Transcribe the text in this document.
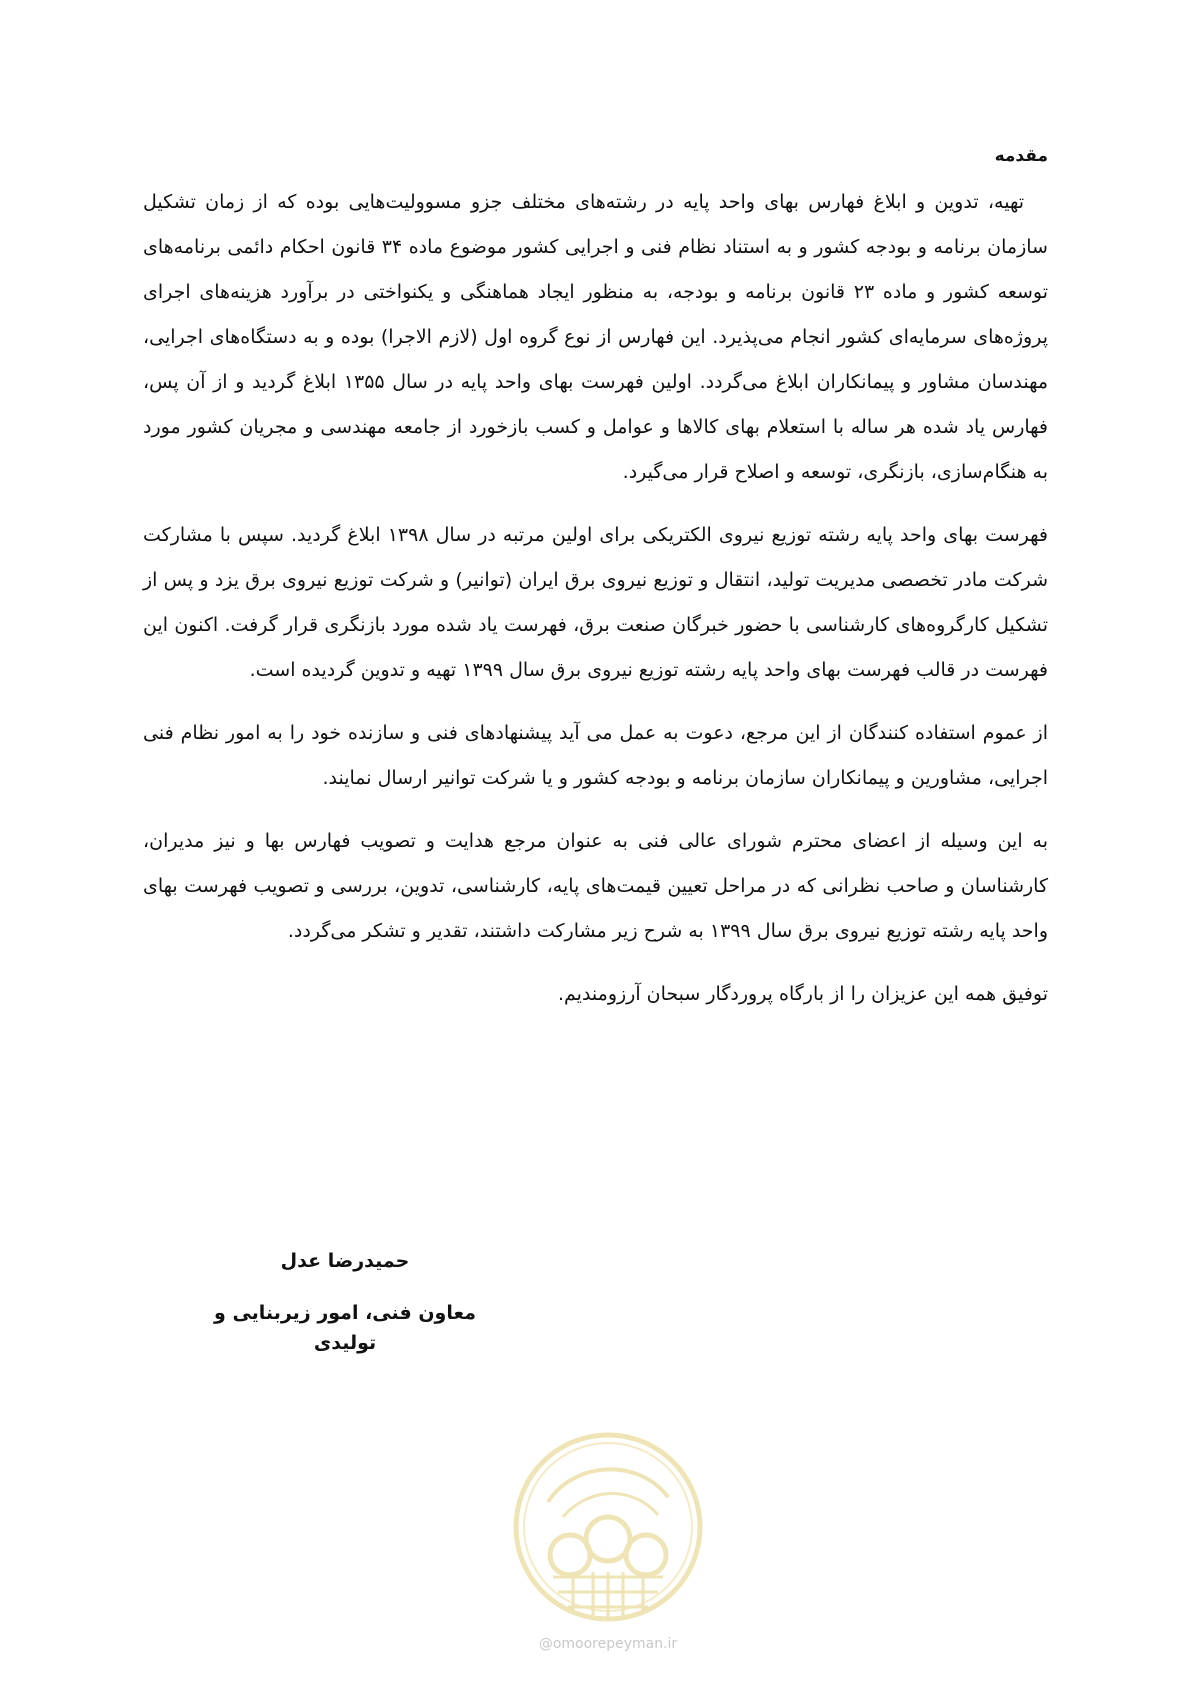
مقدمه

تهیه، تدوین و ابلاغ فهارس بهای واحد پایه در رشته‌های مختلف جزو مسوولیت‌هایی بوده که از زمان تشکیل سازمان برنامه و بودجه کشور و به استناد نظام فنی و اجرایی کشور موضوع ماده ۳۴ قانون احکام دائمی برنامه‌های توسعه کشور و ماده ۲۳ قانون برنامه و بودجه، به منظور ایجاد هماهنگی و یکنواختی در برآورد هزینه‌های اجرای پروژه‌های سرمایه‌ای کشور انجام می‌پذیرد. این فهارس از نوع گروه اول (لازم الاجرا) بوده و به دستگاه‌های اجرایی، مهندسان مشاور و پیمانکاران ابلاغ می‌گردد. اولین فهرست بهای واحد پایه در سال ۱۳۵۵ ابلاغ گردید و از آن پس، فهارس یاد شده هر ساله با استعلام بهای کالاها و عوامل و کسب بازخورد از جامعه مهندسی و مجریان کشور مورد به هنگام‌سازی، بازنگری، توسعه و اصلاح قرار می‌گیرد.

فهرست بهای واحد پایه رشته توزیع نیروی الکتریکی برای اولین مرتبه در سال ۱۳۹۸ ابلاغ گردید. سپس با مشارکت شرکت مادر تخصصی مدیریت تولید، انتقال و توزیع نیروی برق ایران (توانیر) و شرکت توزیع نیروی برق یزد و پس از تشکیل کارگروه‌های کارشناسی با حضور خبرگان صنعت برق، فهرست یاد شده مورد بازنگری قرار گرفت. اکنون این فهرست در قالب فهرست بهای واحد پایه رشته توزیع نیروی برق سال ۱۳۹۹ تهیه و تدوین گردیده است.

از عموم استفاده کنندگان از این مرجع، دعوت به عمل می آید پیشنهادهای فنی و سازنده خود را به امور نظام فنی اجرایی، مشاورین و پیمانکاران سازمان برنامه و بودجه کشور و یا شرکت توانیر ارسال نمایند.

به این وسیله از اعضای محترم شورای عالی فنی به عنوان مرجع هدایت و تصویب فهارس بها و نیز مدیران، کارشناسان و صاحب نظرانی که در مراحل تعیین قیمت‌های پایه، کارشناسی، تدوین، بررسی و تصویب فهرست بهای واحد پایه رشته توزیع نیروی برق سال ۱۳۹۹ به شرح زیر مشارکت داشتند، تقدیر و تشکر می‌گردد.

توفیق همه این عزیزان را از بارگاه پروردگار سبحان آرزومندیم.

حمیدرضا عدل
معاون فنی، امور زیربنایی و تولیدی
@omoorepeyman.ir
